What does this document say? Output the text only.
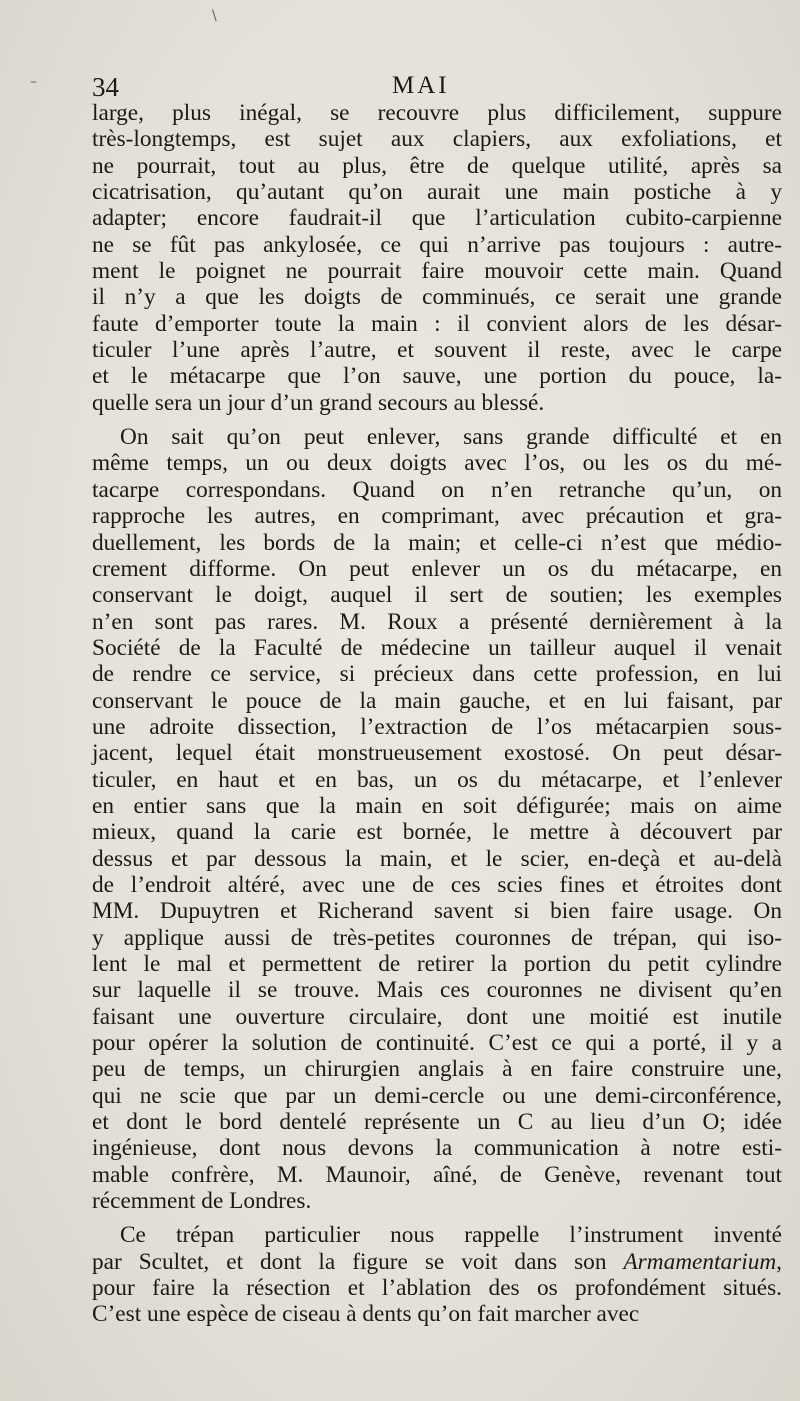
–
\
34	MAI
large, plus inégal, se recouvre plus difficilement, suppure
très-longtemps, est sujet aux clapiers, aux exfoliations, et
ne pourrait, tout au plus, être de quelque utilité, après sa
cicatrisation, qu’autant qu’on aurait une main postiche à y
adapter; encore faudrait-il que l’articulation cubito-carpienne
ne se fût pas ankylosée, ce qui n’arrive pas toujours : autre-
ment le poignet ne pourrait faire mouvoir cette main. Quand
il n’y a que les doigts de comminués, ce serait une grande
faute d’emporter toute la main : il convient alors de les désar-
ticuler l’une après l’autre, et souvent il reste, avec le carpe
et le métacarpe que l’on sauve, une portion du pouce, la-
quelle sera un jour d’un grand secours au blessé.
On sait qu’on peut enlever, sans grande difficulté et en
même temps, un ou deux doigts avec l’os, ou les os du mé-
tacarpe correspondans. Quand on n’en retranche qu’un, on
rapproche les autres, en comprimant, avec précaution et gra-
duellement, les bords de la main; et celle-ci n’est que médio-
crement difforme. On peut enlever un os du métacarpe, en
conservant le doigt, auquel il sert de soutien; les exemples
n’en sont pas rares. M. Roux a présenté dernièrement à la
Société de la Faculté de médecine un tailleur auquel il venait
de rendre ce service, si précieux dans cette profession, en lui
conservant le pouce de la main gauche, et en lui faisant, par
une adroite dissection, l’extraction de l’os métacarpien sous-
jacent, lequel était monstrueusement exostosé. On peut désar-
ticuler, en haut et en bas, un os du métacarpe, et l’enlever
en entier sans que la main en soit défigurée; mais on aime
mieux, quand la carie est bornée, le mettre à découvert par
dessus et par dessous la main, et le scier, en-deçà et au-delà
de l’endroit altéré, avec une de ces scies fines et étroites dont
MM. Dupuytren et Richerand savent si bien faire usage. On
y applique aussi de très-petites couronnes de trépan, qui iso-
lent le mal et permettent de retirer la portion du petit cylindre
sur laquelle il se trouve. Mais ces couronnes ne divisent qu’en
faisant une ouverture circulaire, dont une moitié est inutile
pour opérer la solution de continuité. C’est ce qui a porté, il y a
peu de temps, un chirurgien anglais à en faire construire une,
qui ne scie que par un demi-cercle ou une demi-circonférence,
et dont le bord dentelé représente un C au lieu d’un O; idée
ingénieuse, dont nous devons la communication à notre esti-
mable confrère, M. Maunoir, aîné, de Genève, revenant tout
récemment de Londres.
Ce trépan particulier nous rappelle l’instrument inventé
par Scultet, et dont la figure se voit dans son Armamentarium,
pour faire la résection et l’ablation des os profondément situés.
C’est une espèce de ciseau à dents qu’on fait marcher avec
